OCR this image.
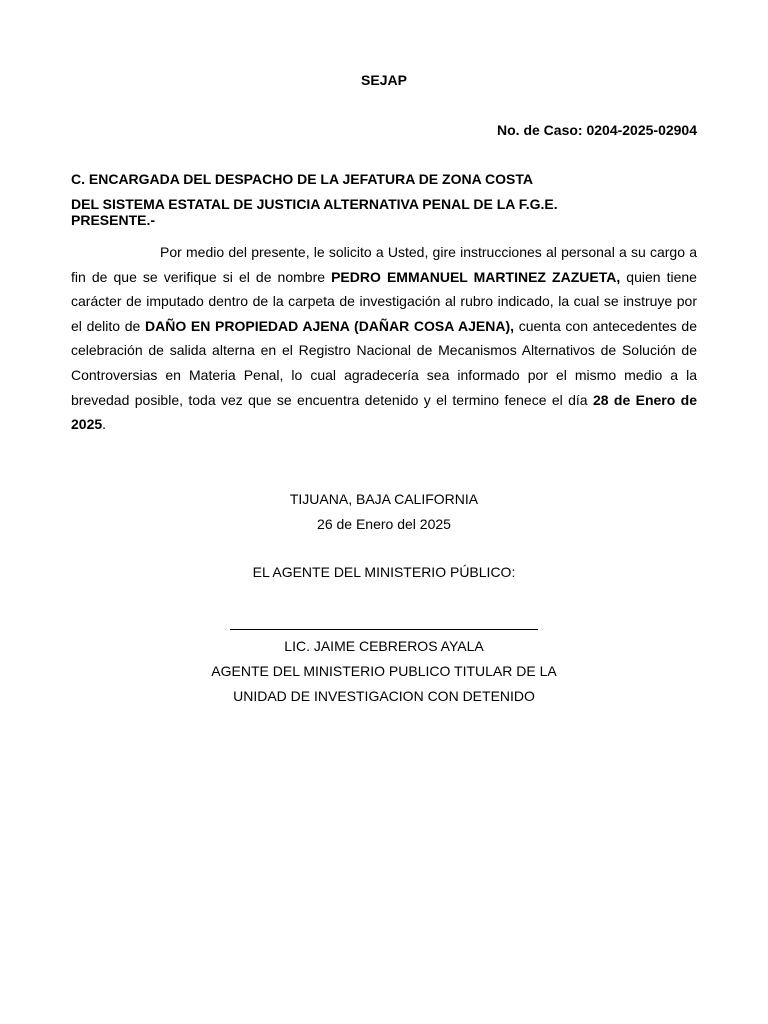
SEJAP
No. de Caso: 0204-2025-02904
C. ENCARGADA DEL DESPACHO DE LA JEFATURA DE ZONA COSTA
DEL SISTEMA ESTATAL DE JUSTICIA ALTERNATIVA PENAL DE LA F.G.E.
PRESENTE.-

Por medio del presente, le solicito a Usted, gire instrucciones al personal a su cargo a fin de que se verifique si el de nombre PEDRO EMMANUEL MARTINEZ ZAZUETA, quien tiene carácter de imputado dentro de la carpeta de investigación al rubro indicado, la cual se instruye por el delito de DAÑO EN PROPIEDAD AJENA (DAÑAR COSA AJENA), cuenta con antecedentes de celebración de salida alterna en el Registro Nacional de Mecanismos Alternativos de Solución de Controversias en Materia Penal, lo cual agradecería sea informado por el mismo medio a la brevedad posible, toda vez que se encuentra detenido y el termino fenece el día 28 de Enero de 2025.

TIJUANA, BAJA CALIFORNIA
26 de Enero del 2025
EL AGENTE DEL MINISTERIO PÚBLICO:
LIC. JAIME CEBREROS AYALA
AGENTE DEL MINISTERIO PUBLICO TITULAR DE LA
UNIDAD DE INVESTIGACION CON DETENIDO
